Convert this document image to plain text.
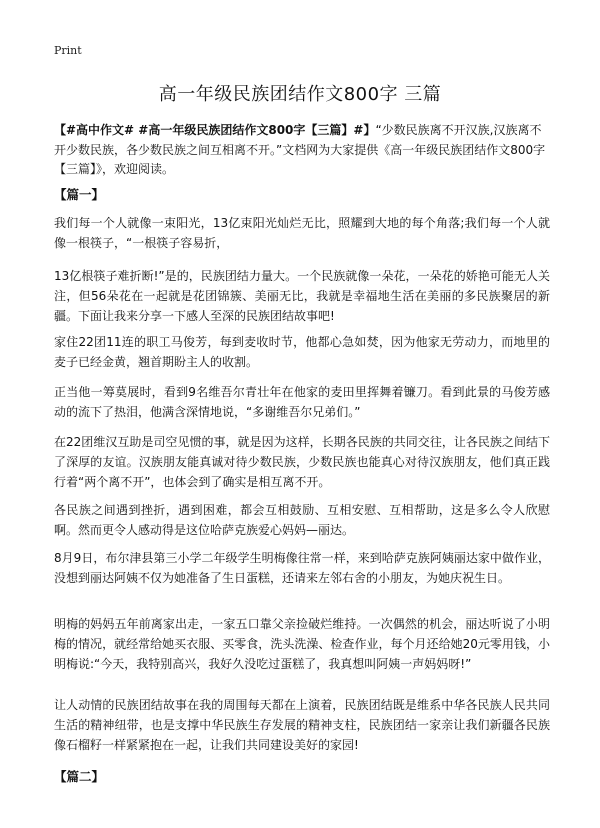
Print
高一年级民族团结作文800字 三篇
【#高中作文# #高一年级民族团结作文800字【三篇】#】“少数民族离不开汉族,汉族离不开少数民族，各少数民族之间互相离不开。”文档网为大家提供《高一年级民族团结作文800字【三篇】》，欢迎阅读。
【篇一】
我们每一个人就像一束阳光，13亿束阳光灿烂无比，照耀到大地的每个角落;我们每一个人就像一根筷子，“一根筷子容易折，
13亿根筷子难折断!”是的，民族团结力量大。一个民族就像一朵花，一朵花的娇艳可能无人关注，但56朵花在一起就是花团锦簇、美丽无比，我就是幸福地生活在美丽的多民族聚居的新疆。下面让我来分享一下感人至深的民族团结故事吧!
家住22团11连的职工马俊芳，每到麦收时节，他都心急如焚，因为他家无劳动力，而地里的麦子已经金黄，翘首期盼主人的收割。
正当他一筹莫展时，看到9名维吾尔青壮年在他家的麦田里挥舞着镰刀。看到此景的马俊芳感动的流下了热泪，他满含深情地说，“多谢维吾尔兄弟们。”
在22团维汉互助是司空见惯的事，就是因为这样，长期各民族的共同交往，让各民族之间结下了深厚的友谊。汉族朋友能真诚对待少数民族，少数民族也能真心对待汉族朋友，他们真正践行着“两个离不开”，也体会到了确实是相互离不开。
各民族之间遇到挫折，遇到困难，都会互相鼓励、互相安慰、互相帮助，这是多么令人欣慰啊。然而更令人感动得是这位哈萨克族爱心妈妈—丽达。
8月9日，布尔津县第三小学二年级学生明梅像往常一样，来到哈萨克族阿姨丽达家中做作业，没想到丽达阿姨不仅为她准备了生日蛋糕，还请来左邻右舍的小朋友，为她庆祝生日。
明梅的妈妈五年前离家出走，一家五口靠父亲捡破烂维持。一次偶然的机会，丽达听说了小明梅的情况，就经常给她买衣服、买零食，洗头洗澡、检查作业，每个月还给她20元零用钱，小明梅说:“今天，我特别高兴，我好久没吃过蛋糕了，我真想叫阿姨一声妈妈呀!”
让人动情的民族团结故事在我的周围每天都在上演着，民族团结既是维系中华各民族人民共同生活的精神纽带，也是支撑中华民族生存发展的精神支柱，民族团结一家亲让我们新疆各民族像石榴籽一样紧紧抱在一起，让我们共同建设美好的家园!
【篇二】
